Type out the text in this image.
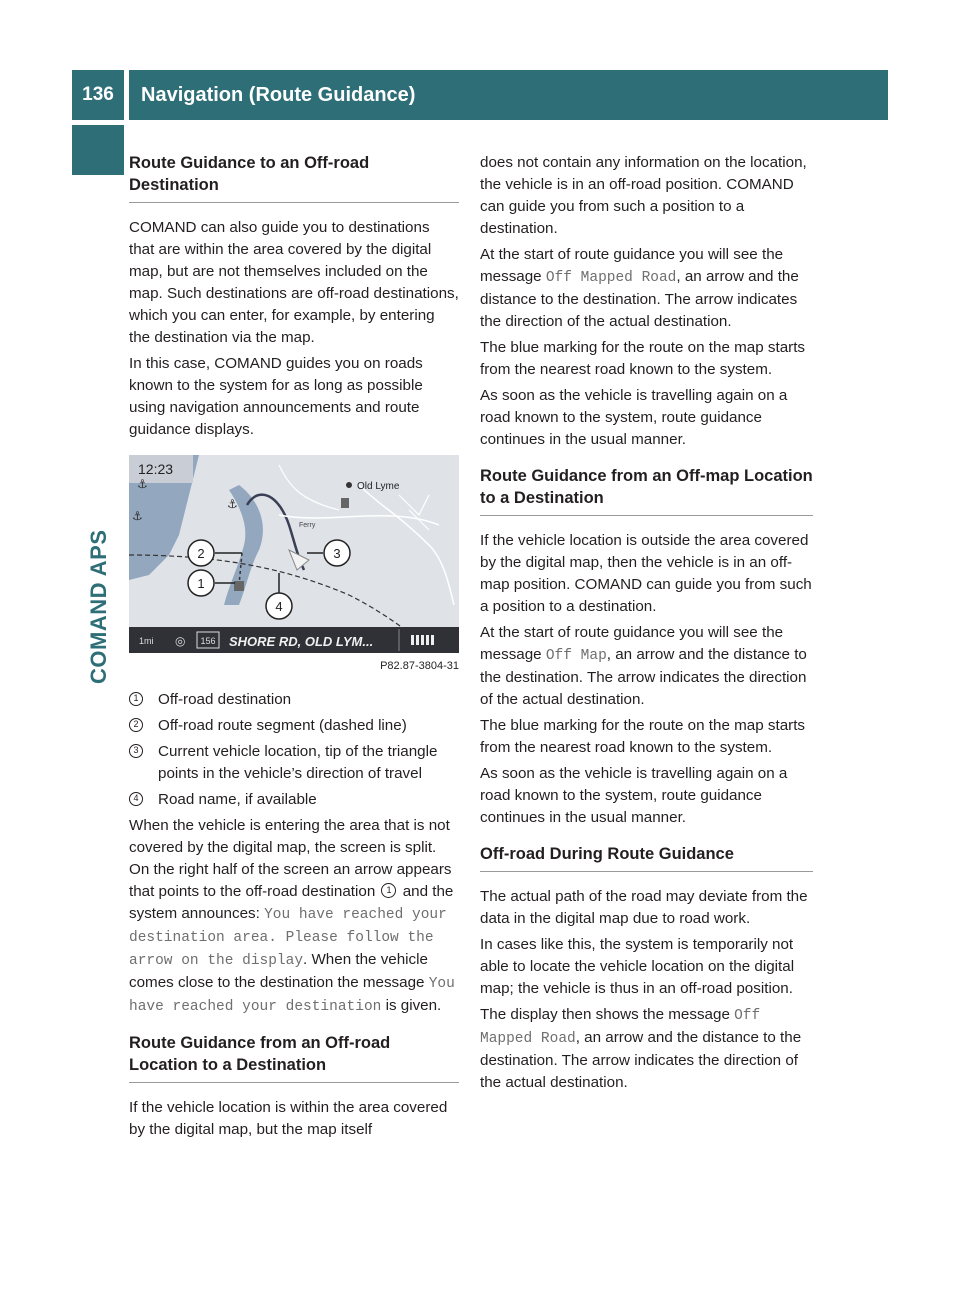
136	Navigation (Route Guidance)
COMAND APS
Route Guidance to an Off-road Destination

COMAND can also guide you to destinations that are within the area covered by the digital map, but are not themselves included on the map. Such destinations are off-road destinations, which you can enter, for example, by entering the destination via the map.

In this case, COMAND guides you on roads known to the system for as long as possible using navigation announcements and route guidance displays.

12:23
Old Lyme
Ferry
⚓
⚓
⚓
2
1
3
4
1mi ◎ 156 SHORE RD, OLD LYM...
P82.87-3804-31
1	Off-road destination
2	Off-road route segment (dashed line)
3	Current vehicle location, tip of the triangle points in the vehicle’s direction of travel
4	Road name, if available

When the vehicle is entering the area that is not covered by the digital map, the screen is split. On the right half of the screen an arrow appears that points to the off-road destination 1 and the system announces: You have reached your destination area. Please follow the arrow on the display. When the vehicle comes close to the destination the message You have reached your destination is given.

Route Guidance from an Off-road Location to a Destination

If the vehicle location is within the area covered by the digital map, but the map itself

does not contain any information on the location, the vehicle is in an off-road position. COMAND can guide you from such a position to a destination.

At the start of route guidance you will see the message Off Mapped Road, an arrow and the distance to the destination. The arrow indicates the direction of the actual destination.

The blue marking for the route on the map starts from the nearest road known to the system.

As soon as the vehicle is travelling again on a road known to the system, route guidance continues in the usual manner.

Route Guidance from an Off-map Location to a Destination

If the vehicle location is outside the area covered by the digital map, then the vehicle is in an off-map position. COMAND can guide you from such a position to a destination.

At the start of route guidance you will see the message Off Map, an arrow and the distance to the destination. The arrow indicates the direction of the actual destination.

The blue marking for the route on the map starts from the nearest road known to the system.

As soon as the vehicle is travelling again on a road known to the system, route guidance continues in the usual manner.

Off-road During Route Guidance

The actual path of the road may deviate from the data in the digital map due to road work.

In cases like this, the system is temporarily not able to locate the vehicle location on the digital map; the vehicle is thus in an off-road position.

The display then shows the message Off Mapped Road, an arrow and the distance to the destination. The arrow indicates the direction of the actual destination.
